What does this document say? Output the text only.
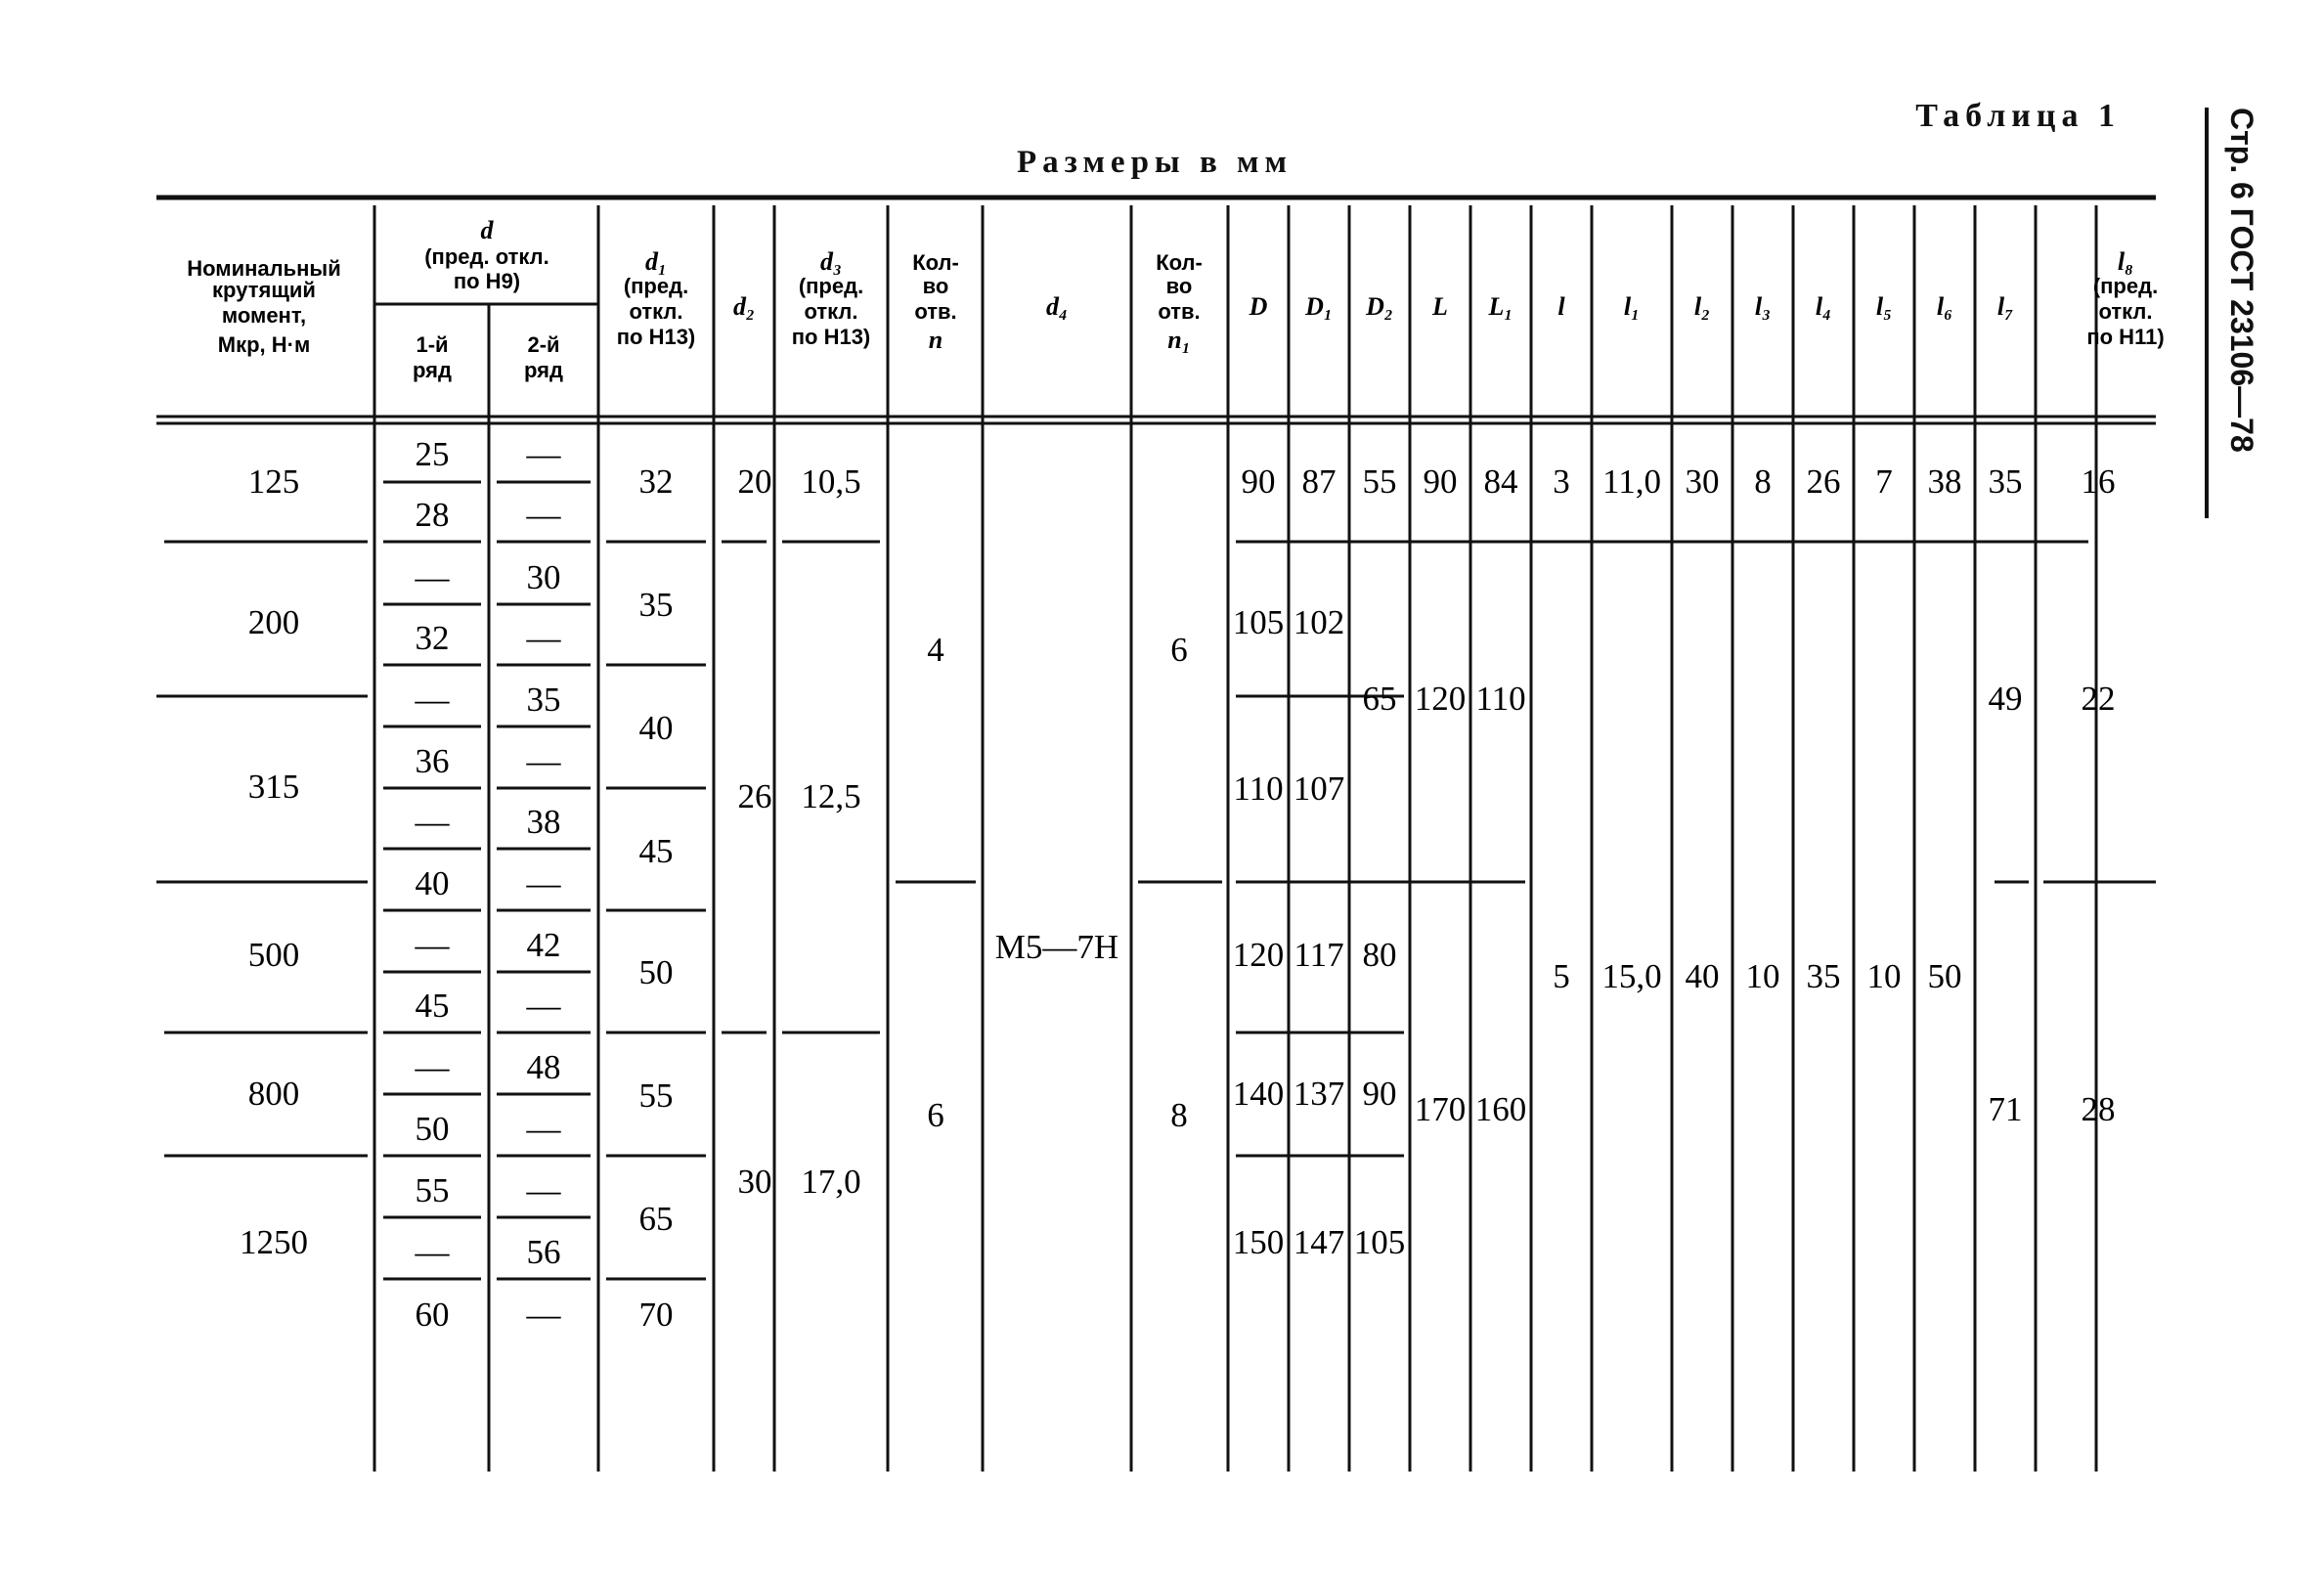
Таблица 1
Размеры в мм	Стр. 6 ГОСТ 23106—78
Номинальный
крутящий
момент,
Mкр, Н·м
d
(пред. откл.
по H9)
1-й
ряд
2-й
ряд
d₁
(пред.
откл.
по H13)
d₂
d₃
(пред.
откл.
по H13)
Кол-
во
отв.
n
d₄
Кол-
во
отв.
n₁
D D₁ D₂ L L₁ l l₁ l₂ l₃ l₄ l₅ l₆ l₇
l₈
(пред.
откл.
по H11)
125
200
315
500
800
1250
25
28
—
32
—
36
—
40
—
45
—
50
55
—
60
—
—
30
—
35
—
38
—
42
—
48
—
—
56
—
32
35
40
45
50
55
65
70
20
26
30
10,5
12,5
17,0
4
6
M5—7H
6
8
90
105
110
120
140
150
87
102
107
117
137
147
55
65
80
90
105
90
120
170
84
110
160
3
5
11,0
15,0
30
40
8
10
26
35
7
10
38
50
35
49
71
16
22
28
